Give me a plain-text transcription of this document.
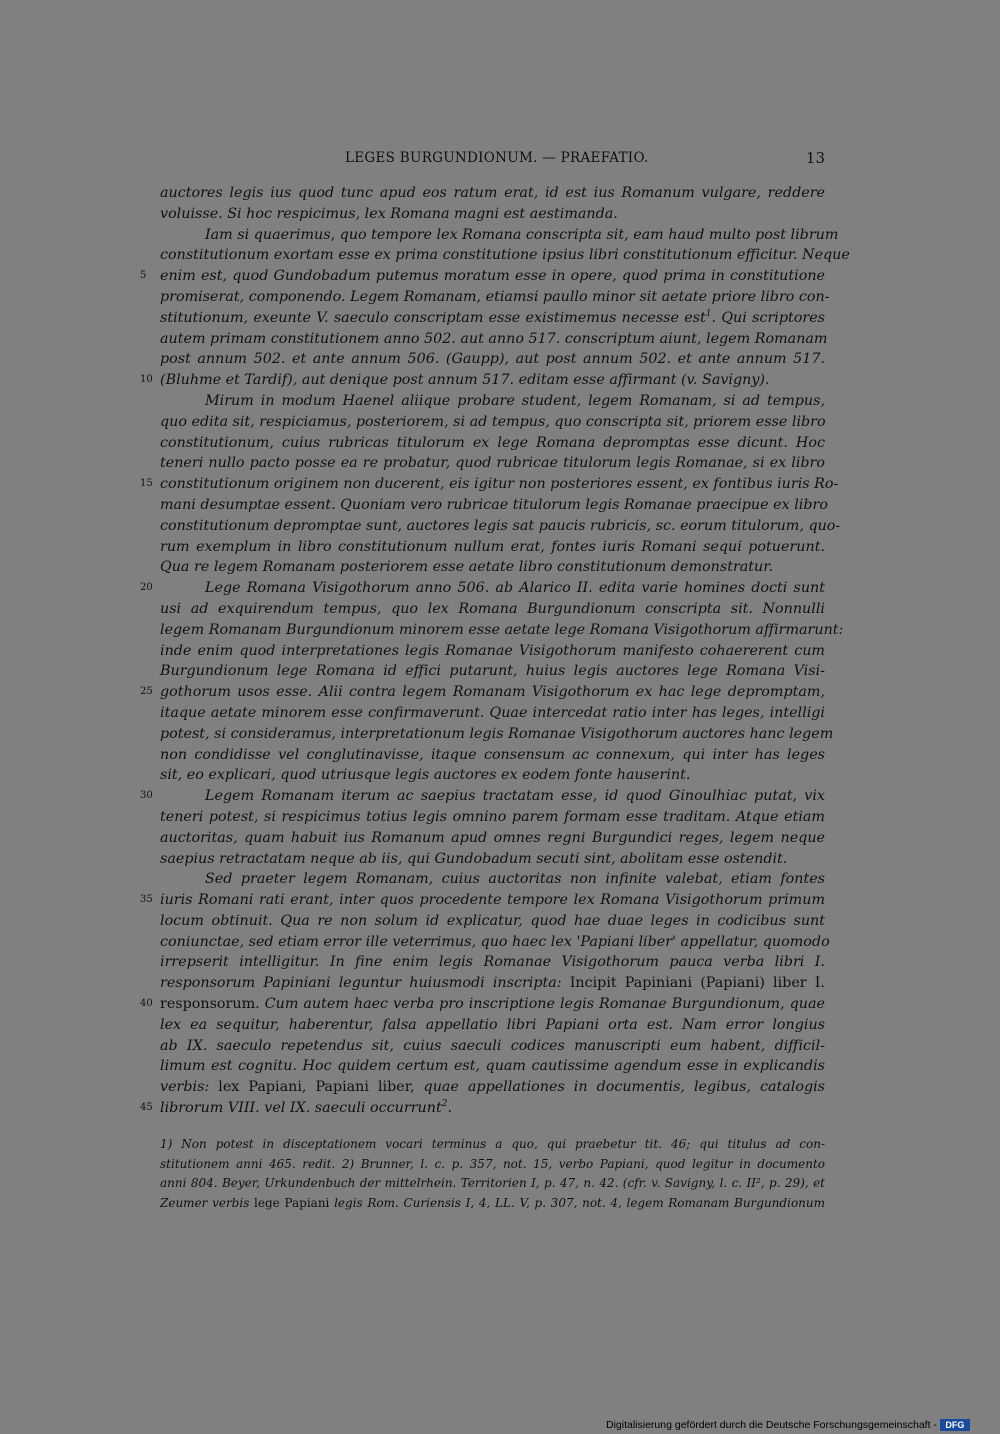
LEGES BURGUNDIONUM. — PRAEFATIO.	13
auctores legis ius quod tunc apud eos ratum erat, id est ius Romanum vulgare, reddere
voluisse. Si hoc respicimus, lex Romana magni est aestimanda.
Iam si quaerimus, quo tempore lex Romana conscripta sit, eam haud multo post librum
constitutionum exortam esse ex prima constitutione ipsius libri constitutionum efficitur. Neque
5 enim est, quod Gundobadum putemus moratum esse in opere, quod prima in constitutione
promiserat, componendo. Legem Romanam, etiamsi paullo minor sit aetate priore libro con-
stitutionum, exeunte V. saeculo conscriptam esse existimemus necesse est$^1$. Qui scriptores
autem primam constitutionem anno 502. aut anno 517. conscriptum aiunt, legem Romanam
post annum 502. et ante annum 506. (Gaupp), aut post annum 502. et ante annum 517.
10 (Bluhme et Tardif), aut denique post annum 517. editam esse affirmant (v. Savigny).
Mirum in modum Haenel aliique probare student, legem Romanam, si ad tempus,
quo edita sit, respiciamus, posteriorem, si ad tempus, quo conscripta sit, priorem esse libro
constitutionum, cuius rubricas titulorum ex lege Romana depromptas esse dicunt. Hoc
teneri nullo pacto posse ea re probatur, quod rubricae titulorum legis Romanae, si ex libro
15 constitutionum originem non ducerent, eis igitur non posteriores essent, ex fontibus iuris Ro-
mani desumptae essent. Quoniam vero rubricae titulorum legis Romanae praecipue ex libro
constitutionum depromptae sunt, auctores legis sat paucis rubricis, sc. eorum titulorum, quo-
rum exemplum in libro constitutionum nullum erat, fontes iuris Romani sequi potuerunt.
Qua re legem Romanam posteriorem esse aetate libro constitutionum demonstratur.
20	Lege Romana Visigothorum anno 506. ab Alarico II. edita varie homines docti sunt
usi ad exquirendum tempus, quo lex Romana Burgundionum conscripta sit. Nonnulli
legem Romanam Burgundionum minorem esse aetate lege Romana Visigothorum affirmarunt:
inde enim quod interpretationes legis Romanae Visigothorum manifesto cohaererent cum
Burgundionum lege Romana id effici putarunt, huius legis auctores lege Romana Visi-
25 gothorum usos esse. Alii contra legem Romanam Visigothorum ex hac lege depromptam,
itaque aetate minorem esse confirmaverunt. Quae intercedat ratio inter has leges, intelligi
potest, si consideramus, interpretationum legis Romanae Visigothorum auctores hanc legem
non condidisse vel conglutinavisse, itaque consensum ac connexum, qui inter has leges
sit, eo explicari, quod utriusque legis auctores ex eodem fonte hauserint.
30	Legem Romanam iterum ac saepius tractatam esse, id quod Ginoulhiac putat, vix
teneri potest, si respicimus totius legis omnino parem formam esse traditam. Atque etiam
auctoritas, quam habuit ius Romanum apud omnes regni Burgundici reges, legem neque
saepius retractatam neque ab iis, qui Gundobadum secuti sint, abolitam esse ostendit.
Sed praeter legem Romanam, cuius auctoritas non infinite valebat, etiam fontes
35 iuris Romani rati erant, inter quos procedente tempore lex Romana Visigothorum primum
locum obtinuit. Qua re non solum id explicatur, quod hae duae leges in codicibus sunt
coniunctae, sed etiam error ille veterrimus, quo haec lex 'Papiani liber' appellatur, quomodo
irrepserit intelligitur. In fine enim legis Romanae Visigothorum pauca verba libri I.
responsorum Papiniani leguntur huiusmodi inscripta: Incipit Papiniani (Papiani) liber I.
40 responsorum. Cum autem haec verba pro inscriptione legis Romanae Burgundionum, quae
lex ea sequitur, haberentur, falsa appellatio libri Papiani orta est. Nam error longius
ab IX. saeculo repetendus sit, cuius saeculi codices manuscripti eum habent, difficil-
limum est cognitu. Hoc quidem certum est, quam cautissime agendum esse in explicandis
verbis: lex Papiani, Papiani liber, quae appellationes in documentis, legibus, catalogis
45 librorum VIII. vel IX. saeculi occurrunt$^2$.
1) Non potest in disceptationem vocari terminus a quo, qui praebetur tit. 46; qui titulus ad con-
stitutionem anni 465. redit. 2) Brunner, l. c. p. 357, not. 15, verbo Papiani, quod legitur in documento
anni 804. Beyer, Urkundenbuch der mittelrhein. Territorien I, p. 47, n. 42. (cfr. v. Savigny, l. c. II², p. 29), et
Zeumer verbis lege Papiani legis Rom. Curiensis I, 4, LL. V, p. 307, not. 4, legem Romanam Burgundionum
Digitalisierung gefördert durch die Deutsche Forschungsgemeinschaft - DFG
